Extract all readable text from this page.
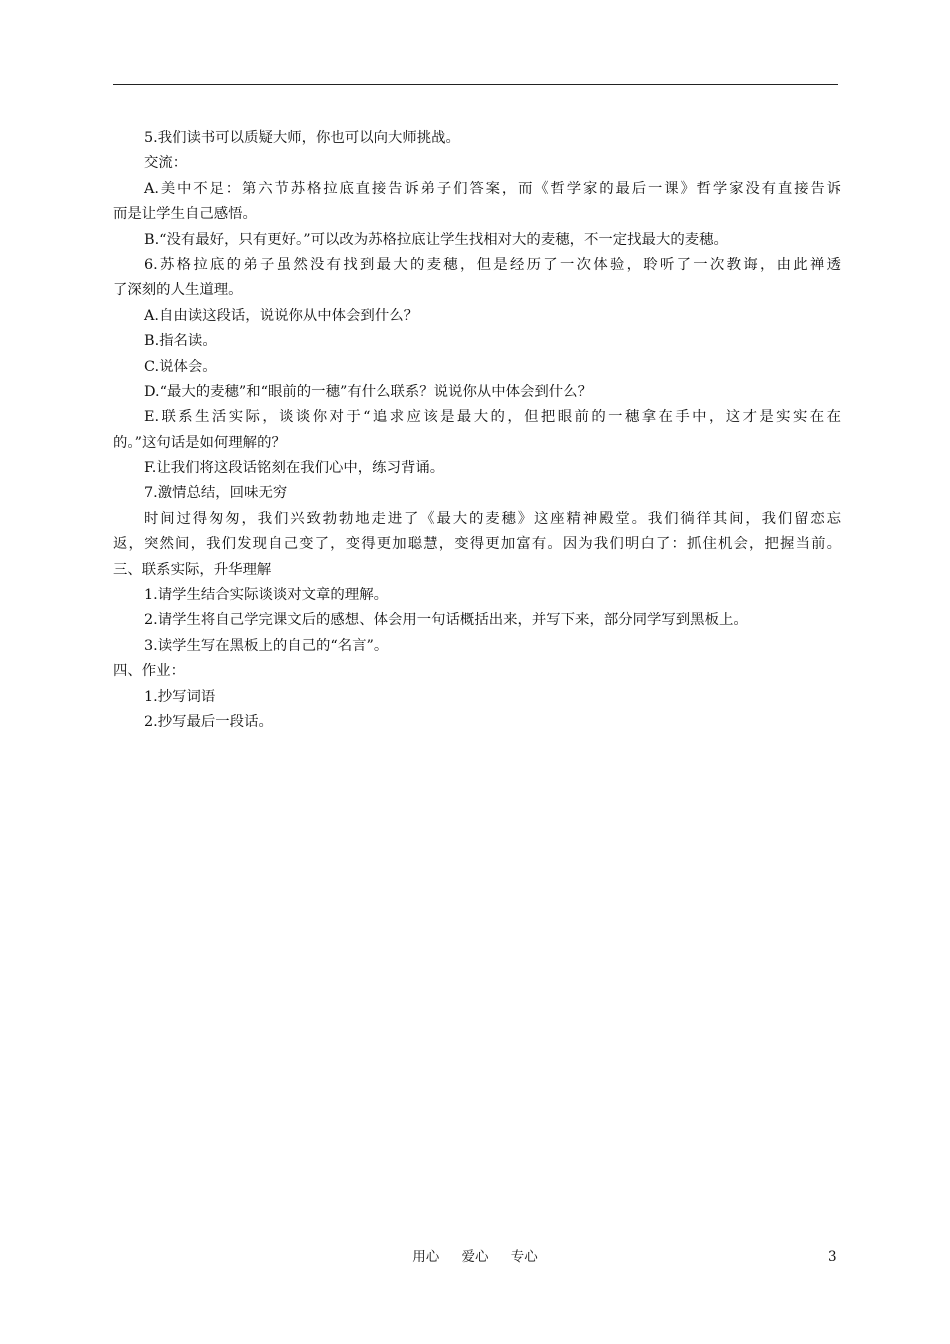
5.我们读书可以质疑大师，你也可以向大师挑战。
交流：
A.美中不足：第六节苏格拉底直接告诉弟子们答案，而《哲学家的最后一课》哲学家没有直接告诉
而是让学生自己感悟。
B.“没有最好，只有更好。”可以改为苏格拉底让学生找相对大的麦穗，不一定找最大的麦穗。
6.苏格拉底的弟子虽然没有找到最大的麦穗，但是经历了一次体验，聆听了一次教诲，由此禅透
了深刻的人生道理。
A.自由读这段话，说说你从中体会到什么？
B.指名读。
C.说体会。
D.“最大的麦穗”和“眼前的一穗”有什么联系？说说你从中体会到什么？
E.联系生活实际，谈谈你对于“追求应该是最大的，但把眼前的一穗拿在手中，这才是实实在在
的。”这句话是如何理解的？
F.让我们将这段话铭刻在我们心中，练习背诵。
7.激情总结，回味无穷
时间过得匆匆，我们兴致勃勃地走进了《最大的麦穗》这座精神殿堂。我们徜徉其间，我们留恋忘
返，突然间，我们发现自己变了，变得更加聪慧，变得更加富有。因为我们明白了：抓住机会，把握当前。
三、联系实际，升华理解
1.请学生结合实际谈谈对文章的理解。
2.请学生将自己学完课文后的感想、体会用一句话概括出来，并写下来，部分同学写到黑板上。
3.读学生写在黑板上的自己的“名言”。
四、作业：
1.抄写词语
2.抄写最后一段话。
用心 爱心 专心	3
